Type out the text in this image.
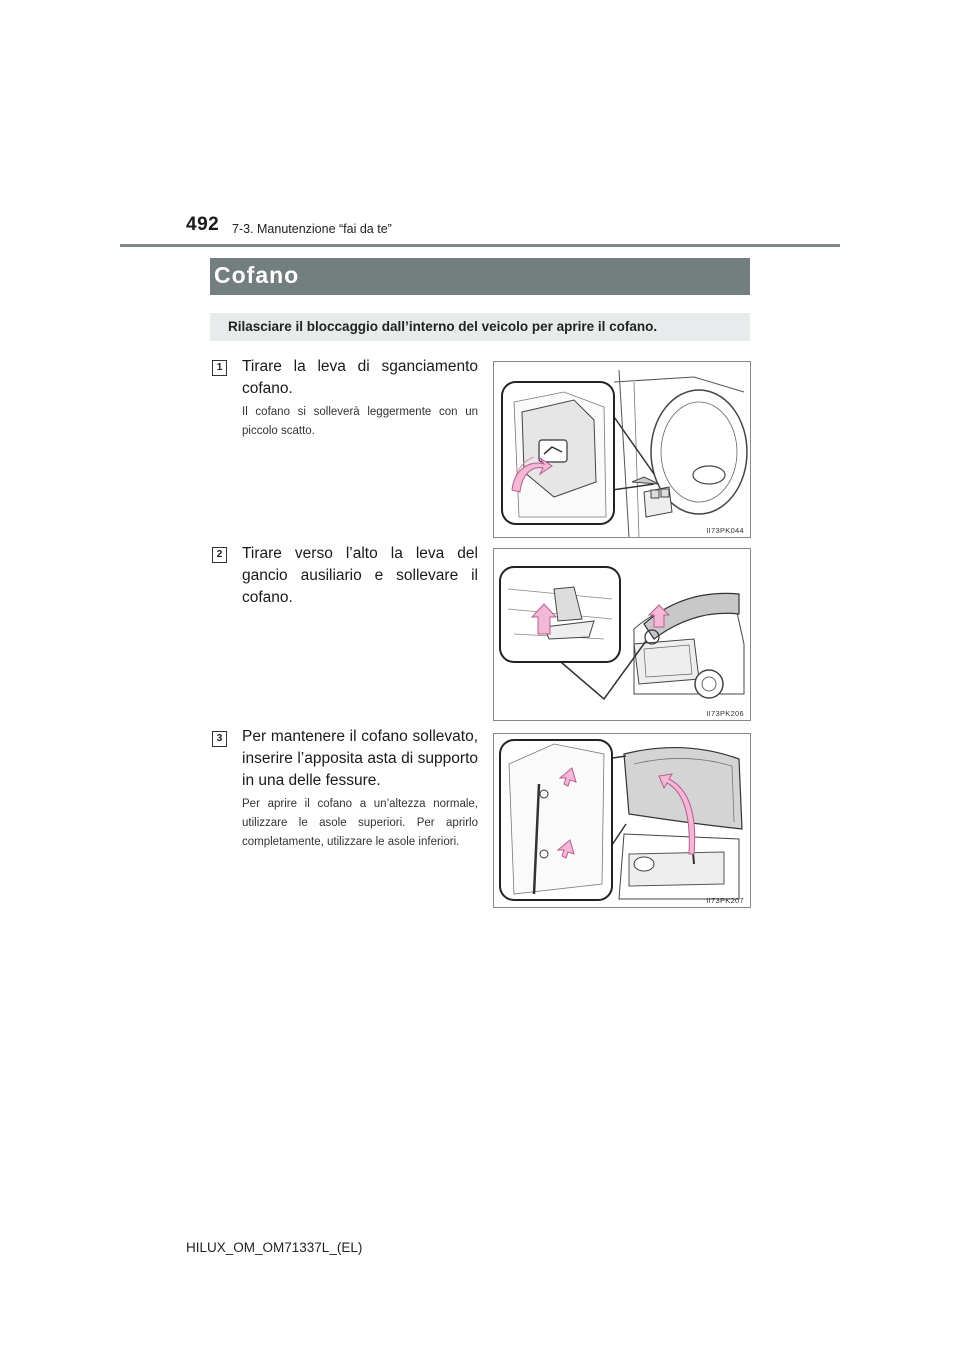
492 7-3. Manutenzione “fai da te”
Cofano
Rilasciare il bloccaggio dall’interno del veicolo per aprire il cofano.
1	Tirare la leva di sganciamento cofano.
Il cofano si solleverà leggermente con un piccolo scatto.
II73PK044
2	Tirare verso l’alto la leva del gancio ausiliario e sollevare il cofano.
II73PK206
3	Per mantenere il cofano sollevato, inserire l’apposita asta di supporto in una delle fessure.
Per aprire il cofano a un’altezza normale, utilizzare le asole superiori. Per aprirlo completamente, utilizzare le asole inferiori.
II73PK207
HILUX_OM_OM71337L_(EL)
